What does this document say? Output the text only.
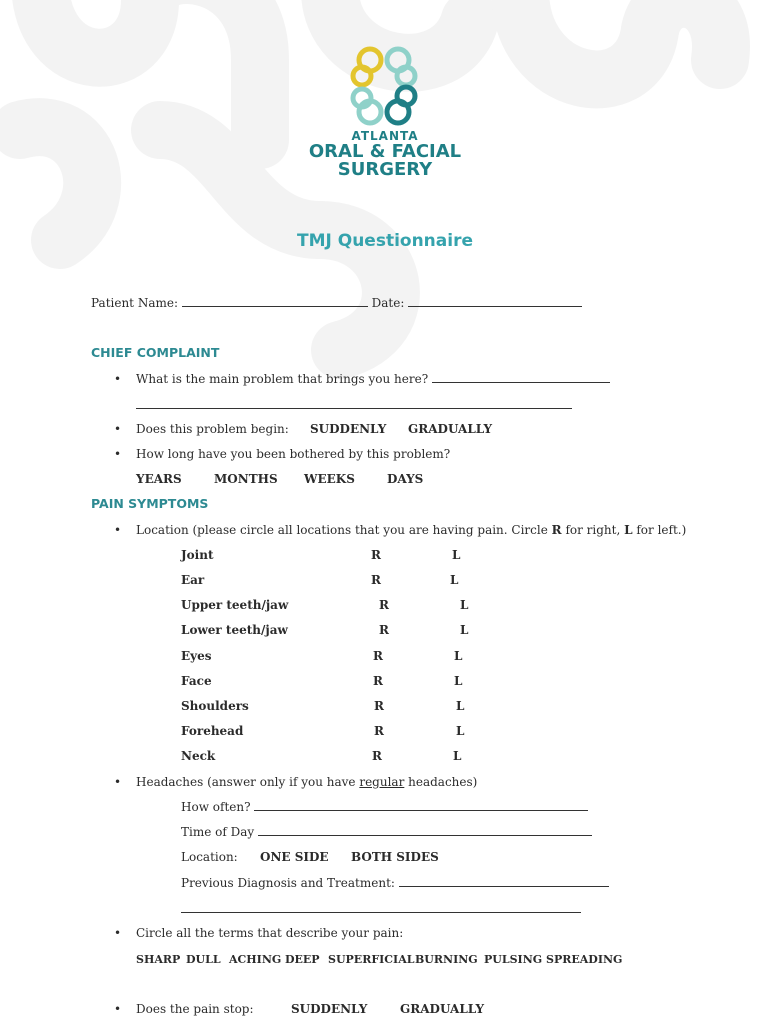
ATLANTA
ORAL & FACIAL
SURGERY
TMJ Questionnaire
Patient Name:	Date:
CHIEF COMPLAINT
• What is the main problem that brings you here?
• Does this problem begin: SUDDENLY GRADUALLY
• How long have you been bothered by this problem?
YEARS	MONTHS WEEKS	DAYS
PAIN SYMPTOMS
• Location (please circle all locations that you are having pain. Circle R for right, L for left.)
Joint	R	L
Ear	R	L
Upper teeth/jaw	R	L
Lower teeth/jaw	R	L
Eyes	R	L
Face	R	L
Shoulders	R	L
Forehead	R	L
Neck	R	L
• Headaches (answer only if you have regular headaches)
How often?
Time of Day
Location: ONE SIDE BOTH SIDES
Previous Diagnosis and Treatment:
• Circle all the terms that describe your pain:
SHARP DULL ACHING DEEP SUPERFICIAL BURNING PULSING SPREADING
• Does the pain stop:	SUDDENLY	GRADUALLY
